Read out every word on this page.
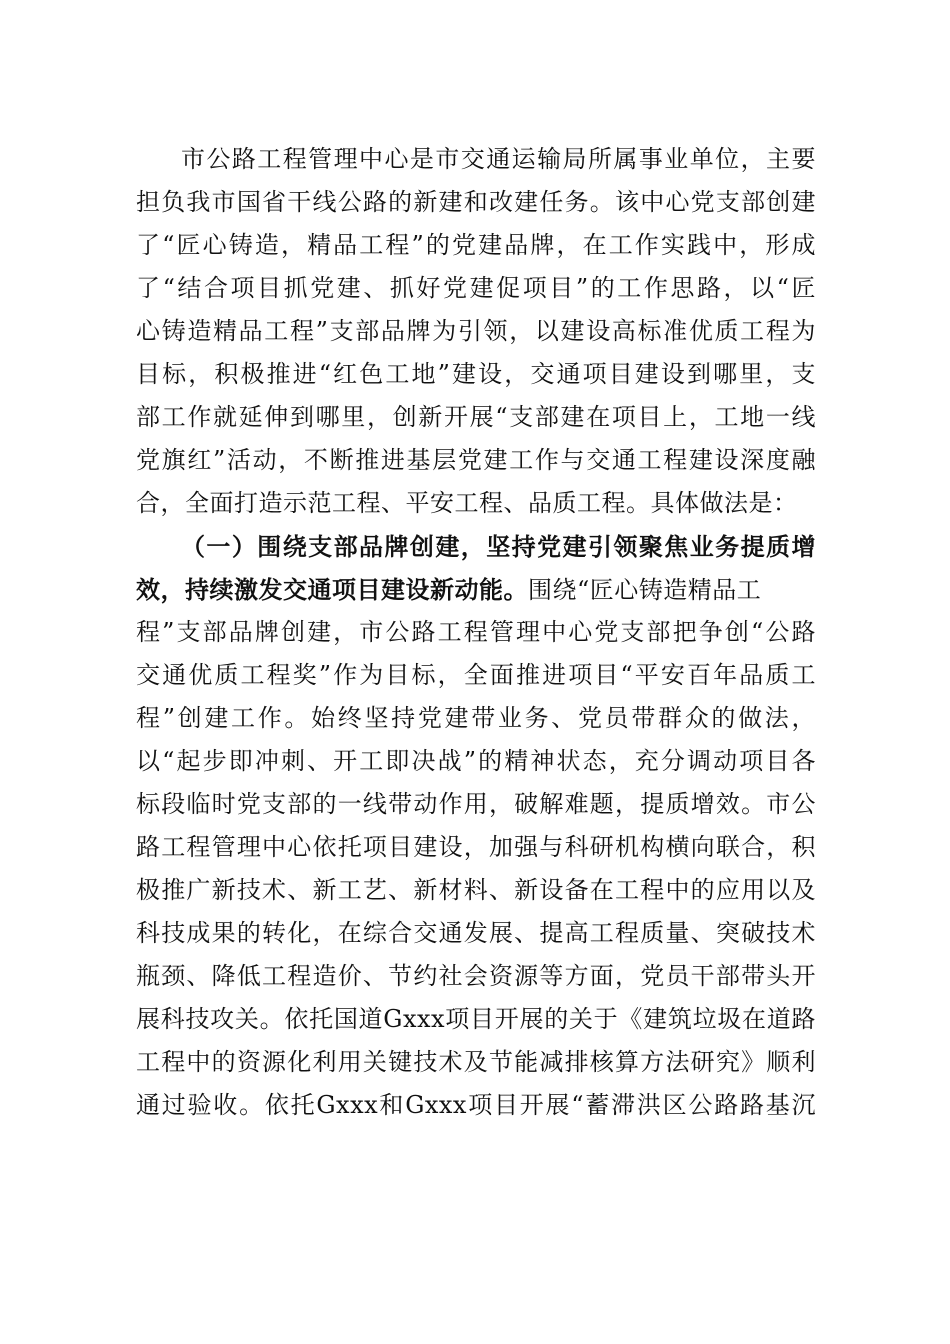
市公路工程管理中心是市交通运输局所属事业单位，主要
担负我市国省干线公路的新建和改建任务。该中心党支部创建
了“匠心铸造，精品工程”的党建品牌，在工作实践中，形成
了“结合项目抓党建、抓好党建促项目”的工作思路，以“匠
心铸造精品工程”支部品牌为引领，以建设高标准优质工程为
目标，积极推进“红色工地”建设，交通项目建设到哪里，支
部工作就延伸到哪里，创新开展“支部建在项目上，工地一线
党旗红”活动，不断推进基层党建工作与交通工程建设深度融
合，全面打造示范工程、平安工程、品质工程。具体做法是：
（一）围绕支部品牌创建，坚持党建引领聚焦业务提质增
效，持续激发交通项目建设新动能。围绕“匠心铸造精品工
程”支部品牌创建，市公路工程管理中心党支部把争创“公路
交通优质工程奖”作为目标，全面推进项目“平安百年品质工
程”创建工作。始终坚持党建带业务、党员带群众的做法，
以“起步即冲刺、开工即决战”的精神状态，充分调动项目各
标段临时党支部的一线带动作用，破解难题，提质增效。市公
路工程管理中心依托项目建设，加强与科研机构横向联合，积
极推广新技术、新工艺、新材料、新设备在工程中的应用以及
科技成果的转化，在综合交通发展、提高工程质量、突破技术
瓶颈、降低工程造价、节约社会资源等方面，党员干部带头开
展科技攻关。依托国道Gxxx项目开展的关于《建筑垃圾在道路
工程中的资源化利用关键技术及节能减排核算方法研究》顺利
通过验收。依托Gxxx和Gxxx项目开展“蓄滞洪区公路路基沉
